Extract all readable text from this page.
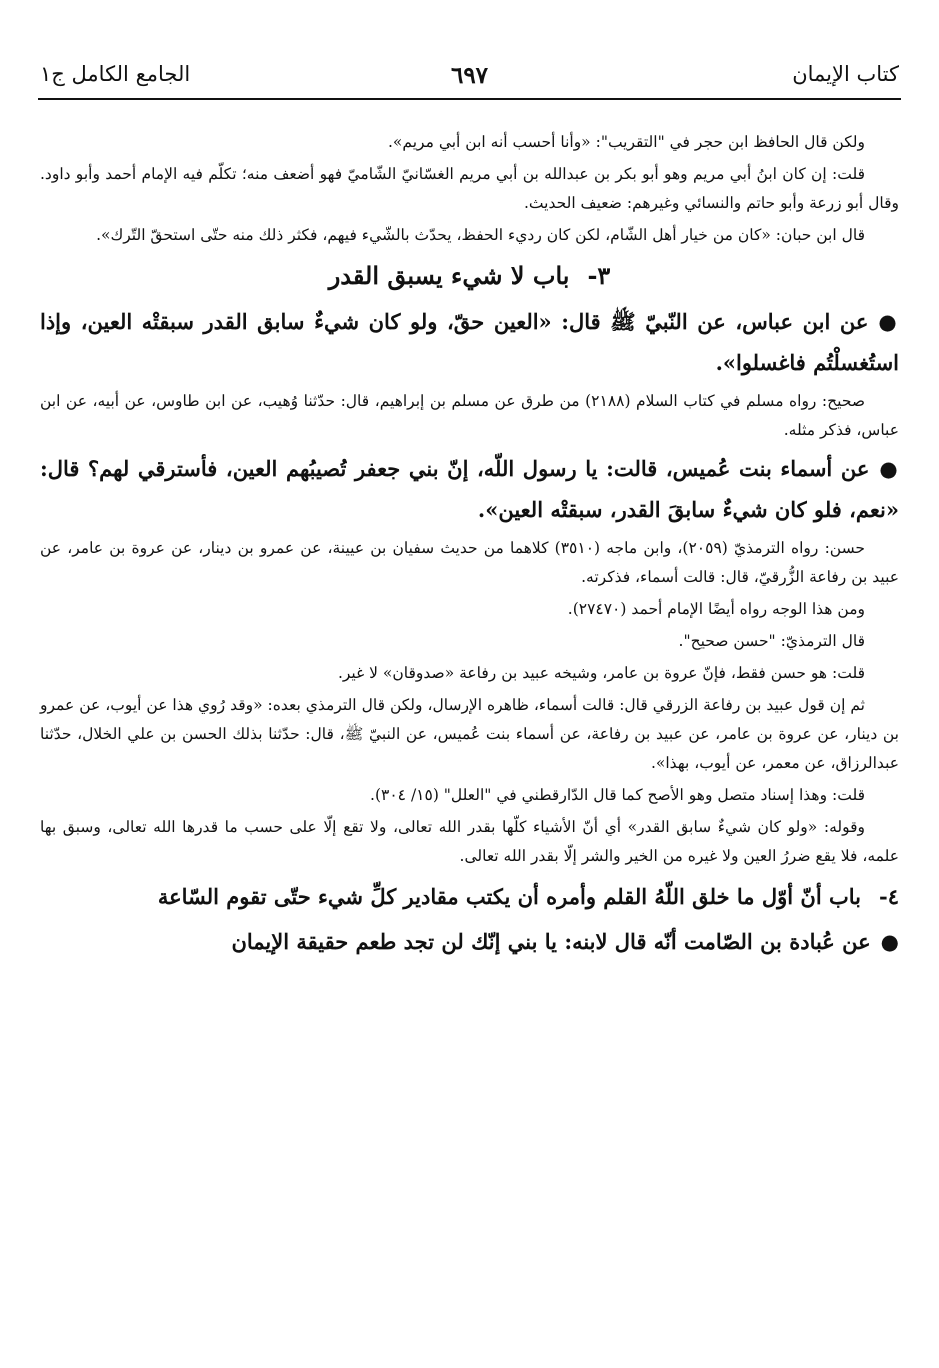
كتاب الإيمان
٦٩٧
الجامع الكامل ج١

ولكن قال الحافظ ابن حجر في "التقريب": «وأنا أحسب أنه ابن أبي مريم».

قلت: إن كان ابنُ أبي مريم وهو أبو بكر بن عبدالله بن أبي مريم الغسّانيّ الشّاميّ فهو أضعف منه؛ تكلّم فيه الإمام أحمد وأبو داود. وقال أبو زرعة وأبو حاتم والنسائي وغيرهم: ضعيف الحديث.

قال ابن حبان: «كان من خيار أهل الشّام، لكن كان رديء الحفظ، يحدّث بالشّيء فيهم، فكثر ذلك منه حتّى استحقّ التّرك».

٣-باب لا شيء يسبق القدر

●عن ابن عباس، عن النّبيّ ﷺ قال: «العين حقّ، ولو كان شيءٌ سابق القدر سبقتْه العين، وإذا استُغسلْتُم فاغسلوا».

صحيح: رواه مسلم في كتاب السلام (٢١٨٨) من طرق عن مسلم بن إبراهيم، قال: حدّثنا وُهيب، عن ابن طاوس، عن أبيه، عن ابن عباس، فذكر مثله.

●عن أسماء بنت عُميس، قالت: يا رسول اللّه، إنّ بني جعفر تُصيبُهم العين، فأسترقي لهم؟ قال: «نعم، فلو كان شيءٌ سابقَ القدر، سبقتْه العين».

حسن: رواه الترمذيّ (٢٠٥٩)، وابن ماجه (٣٥١٠) كلاهما من حديث سفيان بن عيينة، عن عمرو بن دينار، عن عروة بن عامر، عن عبيد بن رفاعة الزُّرقيّ، قال: قالت أسماء، فذكرته.

ومن هذا الوجه رواه أيضًا الإمام أحمد (٢٧٤٧٠).

قال الترمذيّ: "حسن صحيح".

قلت: هو حسن فقط، فإنّ عروة بن عامر، وشيخه عبيد بن رفاعة «صدوقان» لا غير.

ثم إن قول عبيد بن رفاعة الزرقي قال: قالت أسماء، ظاهره الإرسال، ولكن قال الترمذي بعده: «وقد رُوي هذا عن أيوب، عن عمرو بن دينار، عن عروة بن عامر، عن عبيد بن رفاعة، عن أسماء بنت عُميس، عن النبيّ ﷺ، قال: حدّثنا بذلك الحسن بن علي الخلال، حدّثنا عبدالرزاق، عن معمر، عن أيوب، بهذا».

قلت: وهذا إسناد متصل وهو الأصح كما قال الدّارقطني في "العلل" (١٥/ ٣٠٤).

وقوله: «ولو كان شيءٌ سابق القدر» أي أنّ الأشياء كلّها بقدر الله تعالى، ولا تقع إلّا على حسب ما قدرها الله تعالى، وسبق بها علمه، فلا يقع ضررُ العين ولا غيره من الخير والشر إلّا بقدر الله تعالى.

٤-باب أنّ أوّل ما خلق اللّهُ القلم وأمره أن يكتب مقادير كلِّ شيء حتّى تقوم السّاعة

●عن عُبادة بن الصّامت أنّه قال لابنه: يا بني إنّك لن تجد طعم حقيقة الإيمان
